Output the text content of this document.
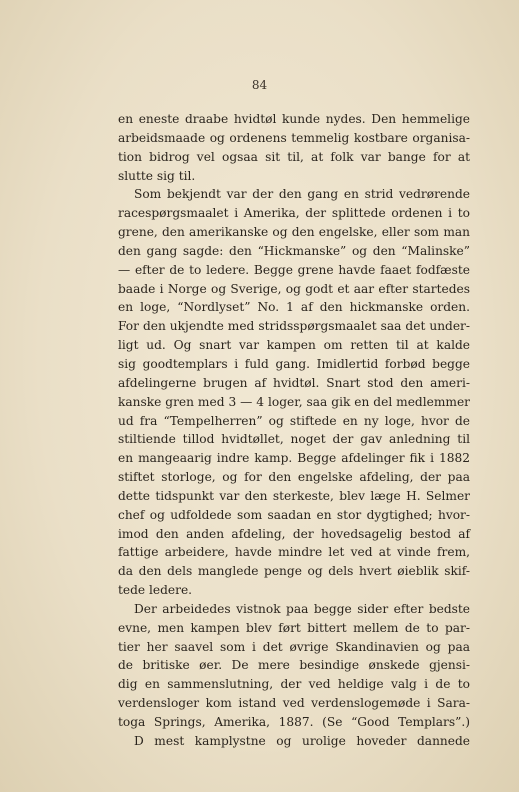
84
en eneste draabe hvidtøl kunde nydes. Den hemmelige
arbeidsmaade og ordenens temmelig kostbare organisa-
tion bidrog vel ogsaa sit til, at folk var bange for at
slutte sig til.
Som bekjendt var der den gang en strid vedrørende
racespørgsmaalet i Amerika, der splittede ordenen i to
grene, den amerikanske og den engelske, eller som man
den gang sagde: den “Hickmanske” og den “Malinske”
— efter de to ledere. Begge grene havde faaet fodfæste
baade i Norge og Sverige, og godt et aar efter startedes
en loge, “Nordlyset” No. 1 af den hickmanske orden.
For den ukjendte med stridsspørgsmaalet saa det under-
ligt ud. Og snart var kampen om retten til at kalde
sig goodtemplars i fuld gang. Imidlertid forbød begge
afdelingerne brugen af hvidtøl. Snart stod den ameri-
kanske gren med 3 — 4 loger, saa gik en del medlemmer
ud fra “Tempelherren” og stiftede en ny loge, hvor de
stiltiende tillod hvidtøllet, noget der gav anledning til
en mangeaarig indre kamp. Begge afdelinger fik i 1882
stiftet storloge, og for den engelske afdeling, der paa
dette tidspunkt var den sterkeste, blev læge H. Selmer
chef og udfoldede som saadan en stor dygtighed; hvor-
imod den anden afdeling, der hovedsagelig bestod af
fattige arbeidere, havde mindre let ved at vinde frem,
da den dels manglede penge og dels hvert øieblik skif-
tede ledere.
Der arbeidedes vistnok paa begge sider efter bedste
evne, men kampen blev ført bittert mellem de to par-
tier her saavel som i det øvrige Skandinavien og paa
de britiske øer. De mere besindige ønskede gjensi-
dig en sammenslutning, der ved heldige valg i de to
verdensloger kom istand ved verdenslogemøde i Sara-
toga Springs, Amerika, 1887. (Se “Good Templars”.)
D mest kamplystne og urolige hoveder dannede
